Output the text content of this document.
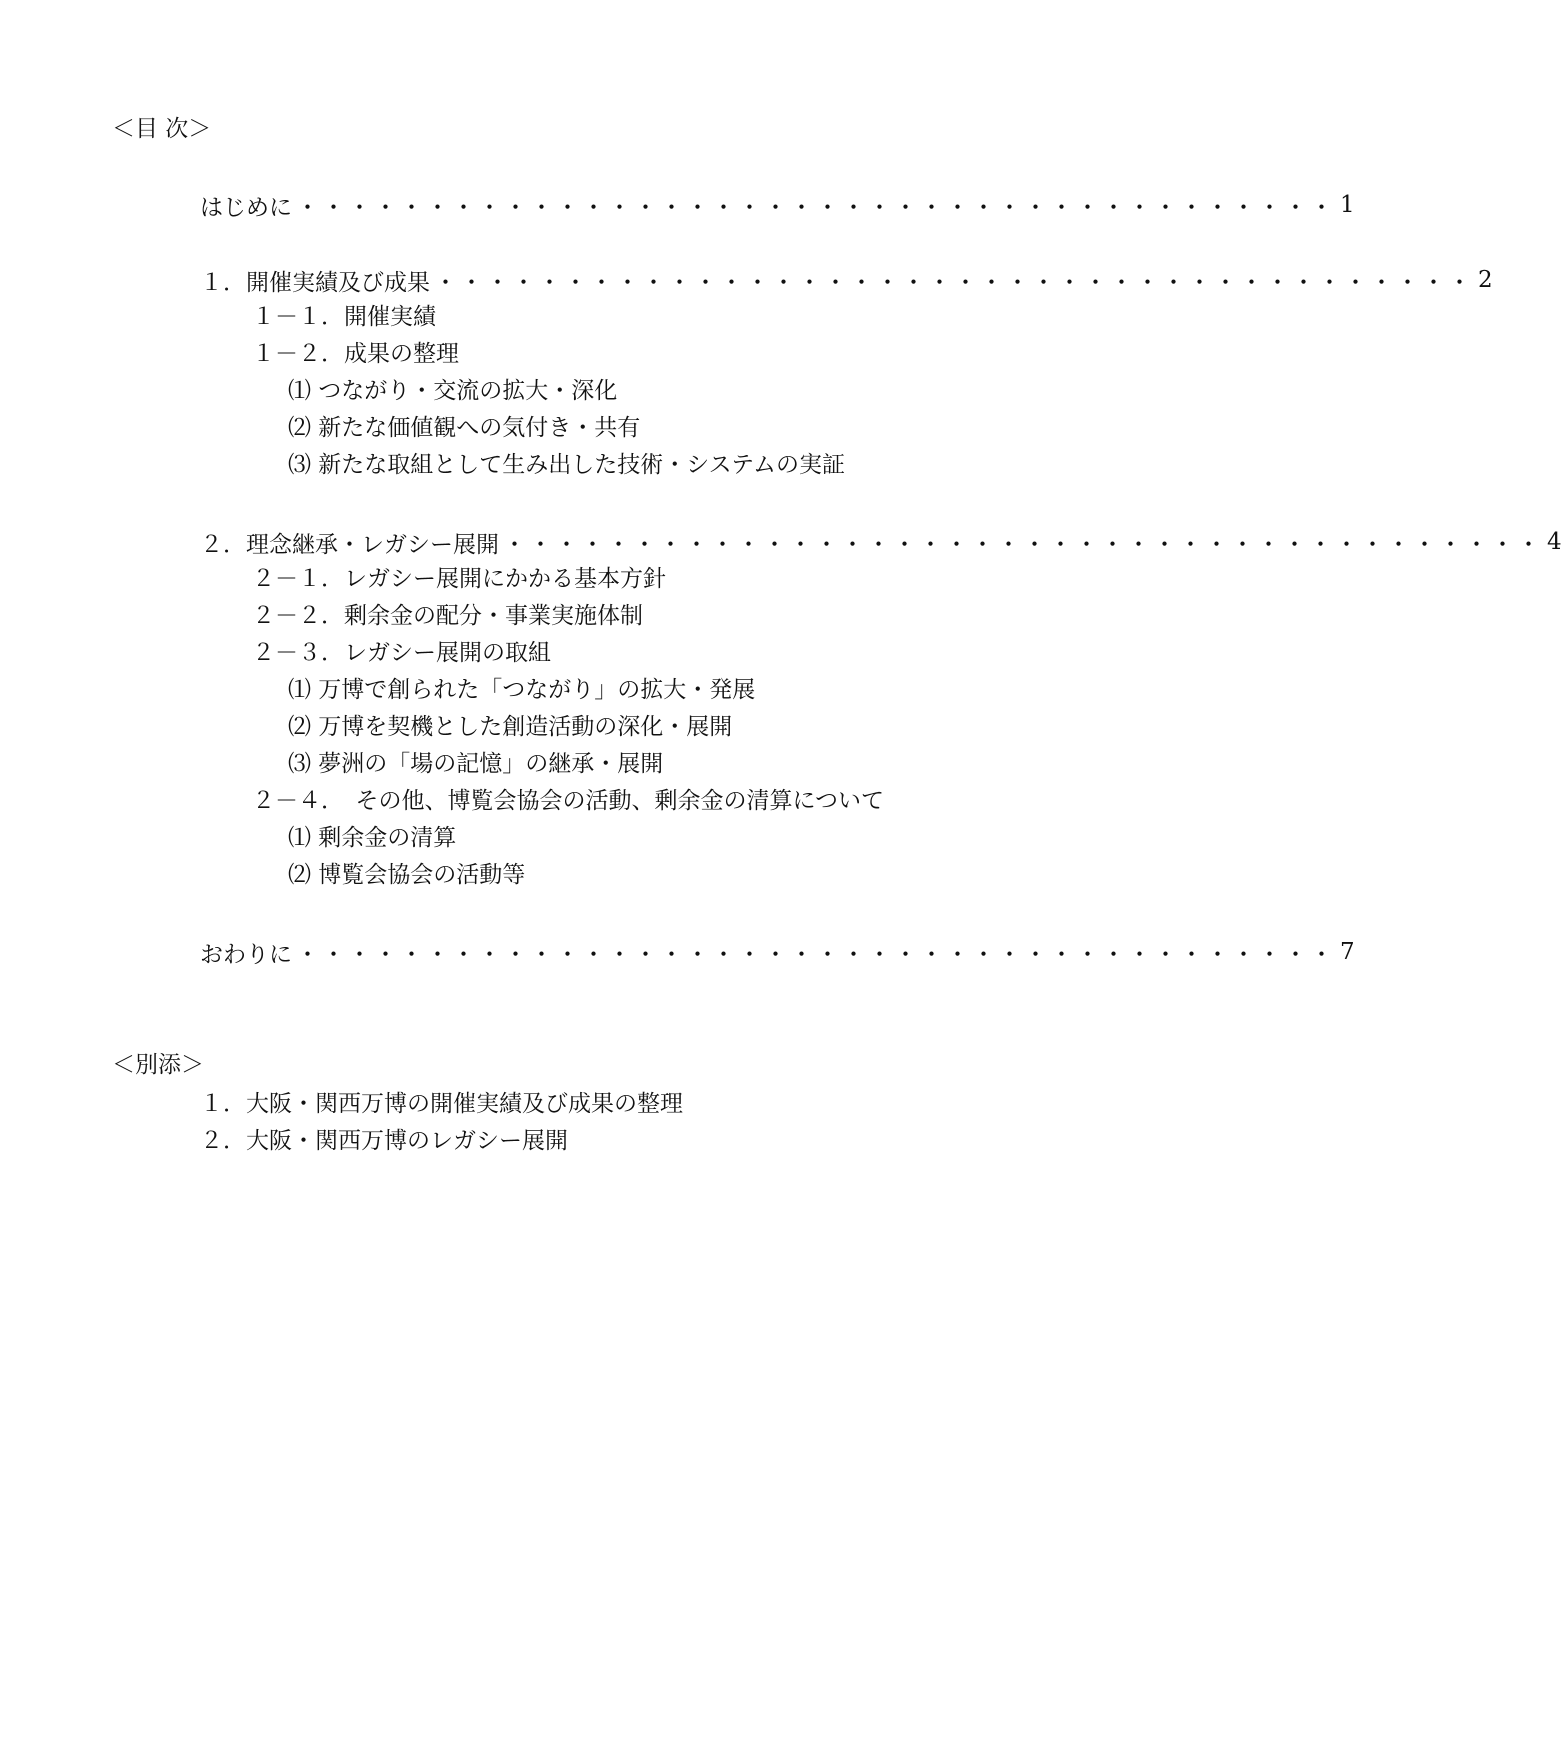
＜目 次＞
はじめに ・・・・・・・・・・・・・・・・・・・・・・・・・・・・・・・・・・・・・・・・ 1
１．開催実績及び成果 ・・・・・・・・・・・・・・・・・・・・・・・・・・・・・・・・・・・・・・・・ 2
１－１．開催実績
１－２．成果の整理
⑴ つながり・交流の拡大・深化
⑵ 新たな価値観への気付き・共有
⑶ 新たな取組として生み出した技術・システムの実証
２．理念継承・レガシー展開 ・・・・・・・・・・・・・・・・・・・・・・・・・・・・・・・・・・・・・・・・ 4
２－１．レガシー展開にかかる基本方針
２－２．剰余金の配分・事業実施体制
２－３．レガシー展開の取組
⑴ 万博で創られた「つながり」の拡大・発展
⑵ 万博を契機とした創造活動の深化・展開
⑶ 夢洲の「場の記憶」の継承・展開
２－４．　その他、博覧会協会の活動、剰余金の清算について
⑴ 剰余金の清算
⑵ 博覧会協会の活動等
おわりに ・・・・・・・・・・・・・・・・・・・・・・・・・・・・・・・・・・・・・・・・ 7
＜別添＞
１．大阪・関西万博の開催実績及び成果の整理
２．大阪・関西万博のレガシー展開
